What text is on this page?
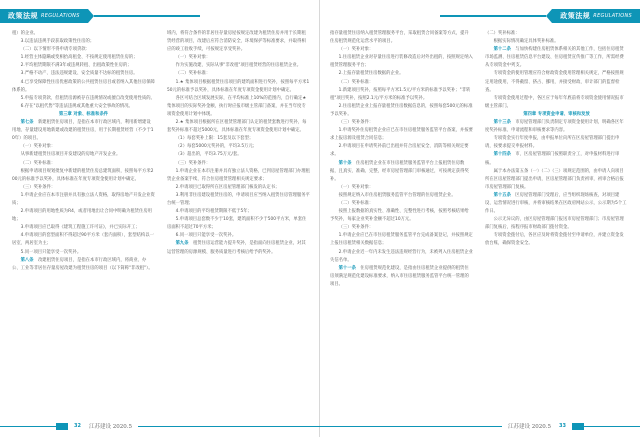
政策法规 REGULATIONS

租）的企业。

3.以违法违规手段获取政策性住房的；

（二）以下情形不得申请专项贷款：

1.经营主体隐瞒或变相抬高租金、不按规定使用租赁住房的；

2.平均租赁期限不满3年或违规转租、出租政策性住房的；

3.严格不动产、违法违规建设、安全质量不达标的租赁住房。

4.已享受保障性住房优惠政策的公共租赁住房目或者纳入其他住房保障体系的。

5.申报专项贷款、但租赁房源被存在违规情况或擅自改变使用性质的。

6.存在"以租代售"等违法违规或其他重大安全事故的情况。

第三章 对象、标准和条件

第七条　 新建租赁住房项目，是指在本市行政区域内，利用新增建设用地、存量建设用地新建或改建的租赁住房，用于长期租赁经营（不少于10年）的项目。

（一）奖补对象：

从事新建租赁住房项目开发建设的房地产开发企业。

（二）奖补标准：

根据申请项目规划批复中新建的租赁住房总建筑面积，按照每平方米200元的标准予以奖补，具体标准在年度专项资金使用计划中确定。

（三）奖补条件：

1.申请企业应在本市注册并具有独立法人资格，取得房地产开发企业资质；

2.申请项目的用地性质为R4，或者用地出让合同中明确为租赁住房用地；

3.申请项目应已取得《建筑工程施工许可证》，并已实际开工；

4.申请项目的套型面积不得超过90平方米（套内面积），套型结构以一居室、两居室为主；

5.同一项目只能享受一次奖补。

第八条　 改建租赁住房项目，是指在本市行政区域内，将商业、办公、工业等非居住存量房屋改建为租赁住房的项目（以下简称"非改租"）。

域内，将符合条件的非居住存量房屋按规定改建为租赁住房并用于长期租赁经营的项目，改建后应符合消防安全、环境保护等标准要求，并取得相应的竣工验收手续，可按规定享受奖补。

（一）奖补对象：

作为实施改建、实际从事"非改租"项目租赁经营的住房租赁企业。

（二）奖补标准：

1.★ 集体项目根据租赁住房项目的建筑面积进行奖补，按照每平方米150元的标准予以奖补，具体标准在年度专项资金使用计划中确定。

各区可结合区域发展实际，在平均标准上10%的范围内，自行确定★ 集体项目的实际奖补金额，执行时应报市级主管部门备案，并在当年度专项资金使用计划中体现。

2.★ 集体项目根据所在区租赁管理部门认定的租赁套数进行奖补，每套奖补标准不超过5000元，具体标准在年度专项资金使用计划中确定。

（1）每套奖补上限：15套及以下套型；

（2）每套5000元奖补的，平均3.5万元；

（3）超出的，平均3.75万元/套。

（三）奖补条件：

1.申请企业在本市注册并具有独立法人资格，已到房屋管理部门办理租赁企业备案手续，符合住房租赁管理相关规定要求；

2.申请项目已取得所在区房屋管理部门核发的认定书；

3.利用非住房建设租赁住房的，申请项目应当纳入租赁住房管理服务平台统一管理；

4.申请项目的平均租赁期限不低于5年；

5.申请项目总套数不少于10套，建筑面积不少于500平方米，单套住房面积不超过70平方米；

6.同一项目只能享受一次奖补。

第九条　 租赁住房运营能力提升奖补，是指面向住房租赁企业，对其运营管理的房源规模、服务质量进行考核后给予的奖补。

32 江苏建设 2020.5
政策法规 REGULATIONS

指存量租赁住房纳入租赁管理服务平台，采取租赁合同备案等方式，提升住房租赁规范化运营水平的项目。

（一）奖补对象：

1.住房租赁企业对存量住房进行装修改造后对外出租的，按照规定纳入租赁管理服务平台；

2.上报存量租赁住房数据的企业。

（二）奖补标准：

1.新建项目奖补，按照每平方米1.5元/平方米的标准予以奖补；"非转租"项目奖补，按照2.1元/平方米的标准予以奖补。

2.住房租赁企业上报存量租赁住房数据信息的，按照每套500元的标准予以奖补。

（三）奖补条件：

1.申请奖补住房租赁企业应已在市住房租赁服务监管平台备案，并按要求上报房源及租赁合同信息；

2.申请项目在申请奖补前已出租并符合房屋安全、消防等相关规定要求。

第十条　 住房租赁企业在市住房租赁服务监管平台上报租赁住房数据，且真实、准确、完整，经市房屋管理部门审核通过，可按规定获得奖补。

（一）奖补对象：

按照规定纳入市住房租赁服务监管平台管理的住房租赁企业。

（二）奖补标准：

按照上报数据的真实性、准确性、完整性进行考核，按照考核结果给予奖补，每家企业奖补金额不超过10万元。

（三）奖补条件：

1.申请企业应已在市住房租赁服务监管平台完成备案登记，并按照规定上报住房租赁相关数据信息；

2.申请企业近一年内未发生违法违规经营行为，未被列入住房租赁企业失信名单。

第十一条　 住房租赁规范化建设，是指由住房租赁企业提供的租赁住房须满足规范化建设标准要求，纳入市住房租赁服务监管平台统一管理的项目。

（二）奖补标准：

根据实际情况确定具体奖补标准。

第十二条　 与加快构建住房租赁体系相关的其他工作，包括住房租赁市场监测、住房租赁信息平台建设、住房租赁宣传推广等工作，所需经费从专项资金中列支。

专项资金的使用管理应符合财政资金使用管理相关规定，严格按照规定用途使用，不得截留、挤占、挪用，并接受财政、审计部门的监督检查。

专项资金使用过程中，各区应于每年年底前将专项资金使用情况报市级主管部门。

第四章 专项资金申请、审核和发放

第十三条　 市房屋管理部门负责制定专项资金使用计划，明确各区年度奖补标准、申请流程和审核要求等内容。

专项资金实行年度申报，由申报单位向所在区房屋管理部门提出申请，按要求提交申报材料。

第十四条　 市、区房屋管理部门按照职责分工，对申报材料进行审核。

属于本办法第五条（一）（二）（三）项规定范围的，由申请人向项目所在区房屋管理部门提出申请，区房屋管理部门负责初审，初审合格后报市房屋管理部门复核。

第十五条　 区房屋管理部门受理后，应当组织现场核查，对项目建设、运营情况进行审核，并将审核结果在区政府网站公示，公示期为5个工作日。

公示无异议的，由区房屋管理部门报送市房屋管理部门；市房屋管理部门复核后，按程序报市财政部门拨付资金。

专项资金拨付后，各区应及时将资金拨付至申请单位，并建立资金发放台账，确保资金安全。

江苏建设 2020.5 33
